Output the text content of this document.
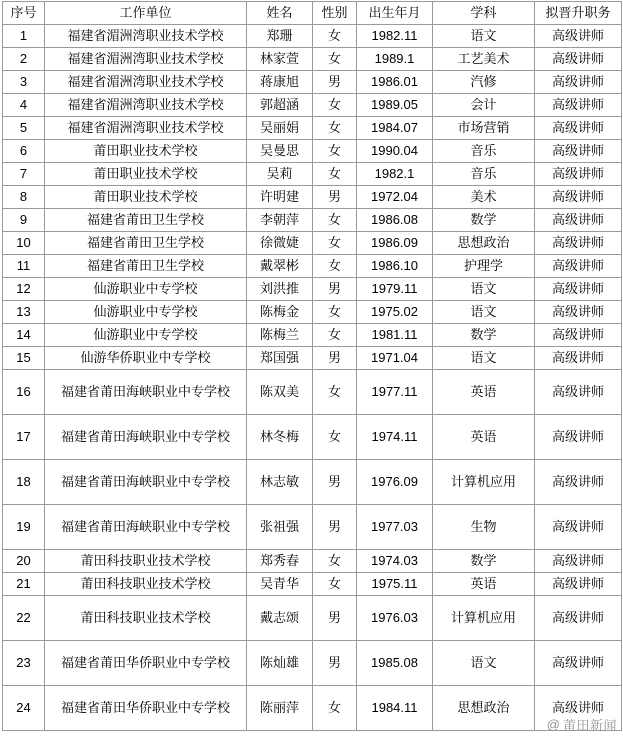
序号	工作单位	姓名	性别	出生年月	学科	拟晋升职务
1	福建省湄洲湾职业技术学校	郑珊	女	1982.11	语文	高级讲师
2	福建省湄洲湾职业技术学校	林家萱	女	1989.1	工艺美术	高级讲师
3	福建省湄洲湾职业技术学校	蒋康旭	男	1986.01	汽修	高级讲师
4	福建省湄洲湾职业技术学校	郭超涵	女	1989.05	会计	高级讲师
5	福建省湄洲湾职业技术学校	吴丽娟	女	1984.07	市场营销	高级讲师
6	莆田职业技术学校	吴曼思	女	1990.04	音乐	高级讲师
7	莆田职业技术学校	吴莉	女	1982.1	音乐	高级讲师
8	莆田职业技术学校	许明建	男	1972.04	美术	高级讲师
9	福建省莆田卫生学校	李朝萍	女	1986.08	数学	高级讲师
10	福建省莆田卫生学校	徐微婕	女	1986.09	思想政治	高级讲师
11	福建省莆田卫生学校	戴翠彬	女	1986.10	护理学	高级讲师
12	仙游职业中专学校	刘洪推	男	1979.11	语文	高级讲师
13	仙游职业中专学校	陈梅金	女	1975.02	语文	高级讲师
14	仙游职业中专学校	陈梅兰	女	1981.11	数学	高级讲师
15	仙游华侨职业中专学校	郑国强	男	1971.04	语文	高级讲师
16	福建省莆田海峡职业中专学校	陈双美	女	1977.11	英语	高级讲师
17	福建省莆田海峡职业中专学校	林冬梅	女	1974.11	英语	高级讲师
18	福建省莆田海峡职业中专学校	林志敏	男	1976.09	计算机应用	高级讲师
19	福建省莆田海峡职业中专学校	张祖强	男	1977.03	生物	高级讲师
20	莆田科技职业技术学校	郑秀春	女	1974.03	数学	高级讲师
21	莆田科技职业技术学校	吴青华	女	1975.11	英语	高级讲师
22	莆田科技职业技术学校	戴志颂	男	1976.03	计算机应用	高级讲师
23	福建省莆田华侨职业中专学校	陈灿雄	男	1985.08	语文	高级讲师
24	福建省莆田华侨职业中专学校	陈丽萍	女	1984.11	思想政治	高级讲师
@ 莆田新闻
